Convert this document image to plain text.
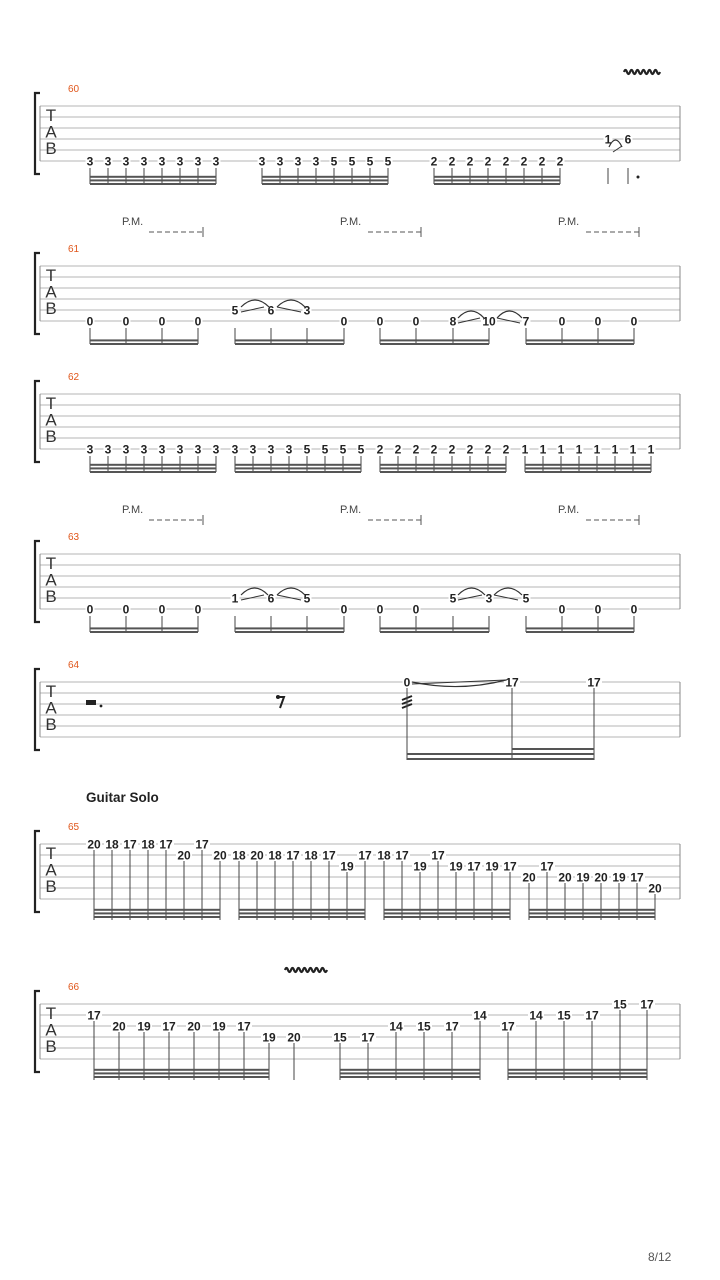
T
A
B
3 3 3 3 3 3 3 3	3 3 3 3 5 5 5 5	2 2 2 2 2 2 2 2
1 6
T
A
B
0 0 0 0
5 6 3
0 0 0	8 10 7 0 0 0
T
A
B
3 3 3 3 3 3 3 3 3 3 3 3 5 5 5 5 2 2 2 2 2 2 2 2 1 1 1 1 1 1 1 1
T
A
B
0 0 0 0
1 6 5
0 0 0
5 3	5
0 0 0
T
A
B
0	17	17
T
A
B
20 18 17 18 17
20
17
20 18 20 18 17 18 17
19
17 18 17
19
17
19 17 19 17
20
17
20 19 20 19 17
20
T
A
B
17
20 19 17 20 19 17
19 20	15 17
14 15 17
14
17
14 15 17
15 17
60
61
62
63
64
65
66
P.M.	P.M.	P.M.
P.M.	P.M.	P.M.
Guitar Solo
8/12
